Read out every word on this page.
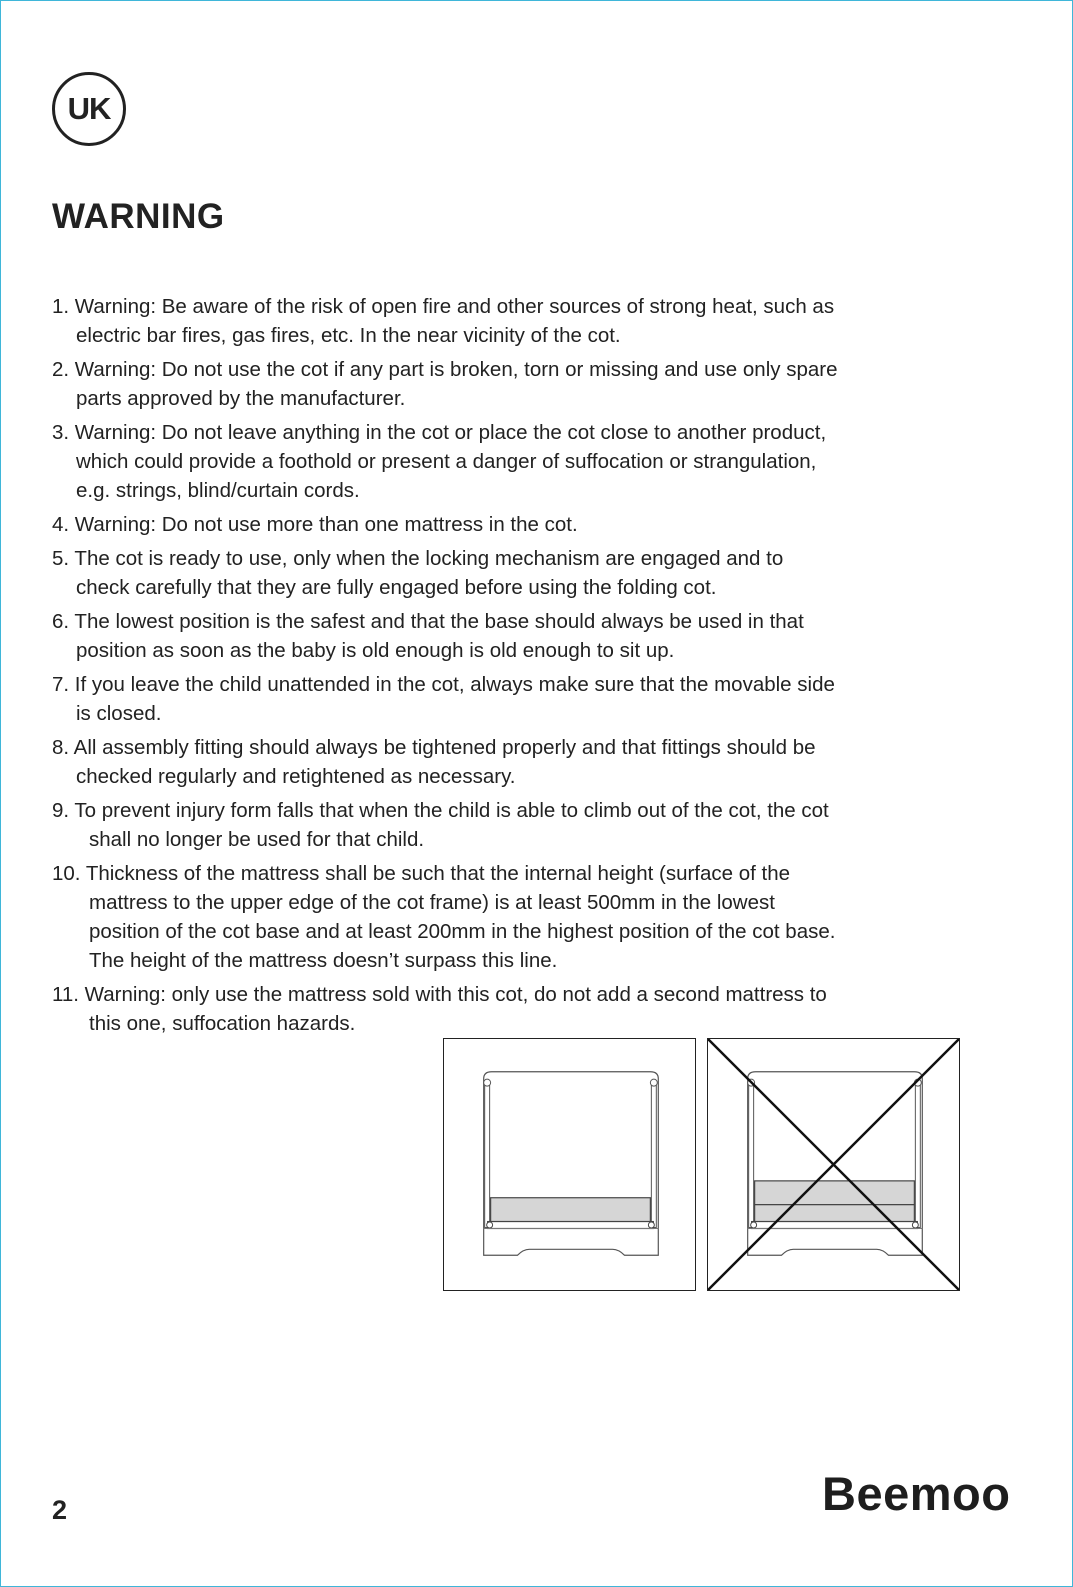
UK
WARNING
1. Warning: Be aware of the risk of open fire and other sources of strong heat, such as
electric bar fires, gas fires, etc. In the near vicinity of the cot.
2. Warning: Do not use the cot if any part is broken, torn or missing and use only spare
parts approved by the manufacturer.
3. Warning: Do not leave anything in the cot or place the cot close to another product,
which could provide a foothold or present a danger of suffocation or strangulation,
e.g. strings, blind/curtain cords.
4. Warning: Do not use more than one mattress in the cot.
5. The cot is ready to use, only when the locking mechanism are engaged and to
check carefully that they are fully engaged before using the folding cot.
6. The lowest position is the safest and that the base should always be used in that
position as soon as the baby is old enough is old enough to sit up.
7. If you leave the child unattended in the cot, always make sure that the movable side
is closed.
8. All assembly fitting should always be tightened properly and that fittings should be
checked regularly and retightened as necessary.
9. To prevent injury form falls that when the child is able to climb out of the cot, the cot
shall no longer be used for that child.
10. Thickness of the mattress shall be such that the internal height (surface of the
mattress to the upper edge of the cot frame) is at least 500mm in the lowest
position of the cot base and at least 200mm in the highest position of the cot base.
The height of the mattress doesn’t surpass this line.
11. Warning: only use the mattress sold with this cot, do not add a second mattress to
this one, suffocation hazards.
2	Beemoo
